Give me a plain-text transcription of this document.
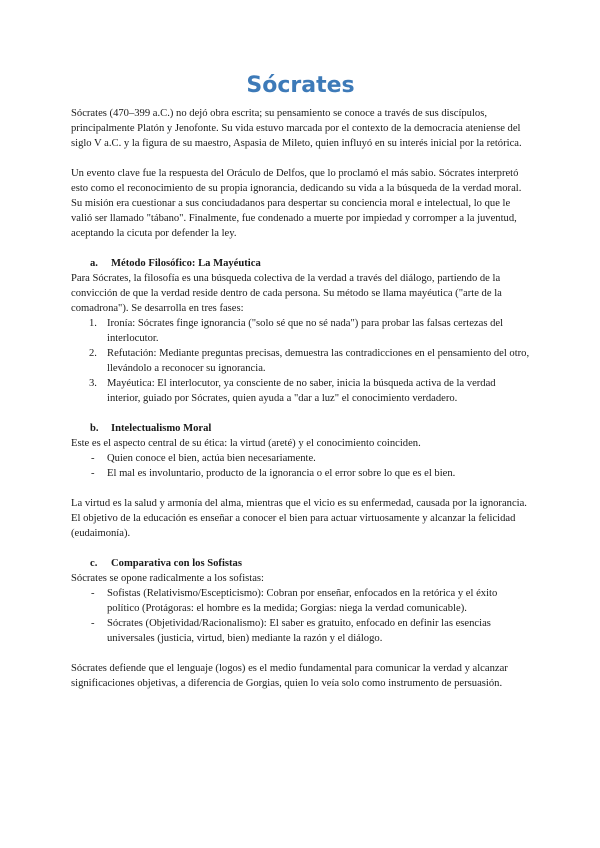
Sócrates

Sócrates (470–399 a.C.) no dejó obra escrita; su pensamiento se conoce a través de sus discípulos, principalmente Platón y Jenofonte. Su vida estuvo marcada por el contexto de la democracia ateniense del siglo V a.C. y la figura de su maestro, Aspasia de Mileto, quien influyó en su interés inicial por la retórica.

Un evento clave fue la respuesta del Oráculo de Delfos, que lo proclamó el más sabio. Sócrates interpretó esto como el reconocimiento de su propia ignorancia, dedicando su vida a la búsqueda de la verdad moral. Su misión era cuestionar a sus conciudadanos para despertar su conciencia moral e intelectual, lo que le valió ser llamado "tábano". Finalmente, fue condenado a muerte por impiedad y corromper a la juventud, aceptando la cicuta por defender la ley.

a. Método Filosófico: La Mayéutica

Para Sócrates, la filosofía es una búsqueda colectiva de la verdad a través del diálogo, partiendo de la convicción de que la verdad reside dentro de cada persona. Su método se llama mayéutica ("arte de la comadrona"). Se desarrolla en tres fases:

1. Ironía: Sócrates finge ignorancia ("solo sé que no sé nada") para probar las falsas certezas del interlocutor.
2. Refutación: Mediante preguntas precisas, demuestra las contradicciones en el pensamiento del otro, llevándolo a reconocer su ignorancia.
3. Mayéutica: El interlocutor, ya consciente de no saber, inicia la búsqueda activa de la verdad interior, guiado por Sócrates, quien ayuda a "dar a luz" el conocimiento verdadero.
b. Intelectualismo Moral

Este es el aspecto central de su ética: la virtud (areté) y el conocimiento coinciden.

- Quien conoce el bien, actúa bien necesariamente.
- El mal es involuntario, producto de la ignorancia o el error sobre lo que es el bien.

La virtud es la salud y armonía del alma, mientras que el vicio es su enfermedad, causada por la ignorancia. El objetivo de la educación es enseñar a conocer el bien para actuar virtuosamente y alcanzar la felicidad (eudaimonía).

c. Comparativa con los Sofistas

Sócrates se opone radicalmente a los sofistas:

- Sofistas (Relativismo/Escepticismo): Cobran por enseñar, enfocados en la retórica y el éxito político (Protágoras: el hombre es la medida; Gorgias: niega la verdad comunicable).
- Sócrates (Objetividad/Racionalismo): El saber es gratuito, enfocado en definir las esencias universales (justicia, virtud, bien) mediante la razón y el diálogo.

Sócrates defiende que el lenguaje (logos) es el medio fundamental para comunicar la verdad y alcanzar significaciones objetivas, a diferencia de Gorgias, quien lo veía solo como instrumento de persuasión.
